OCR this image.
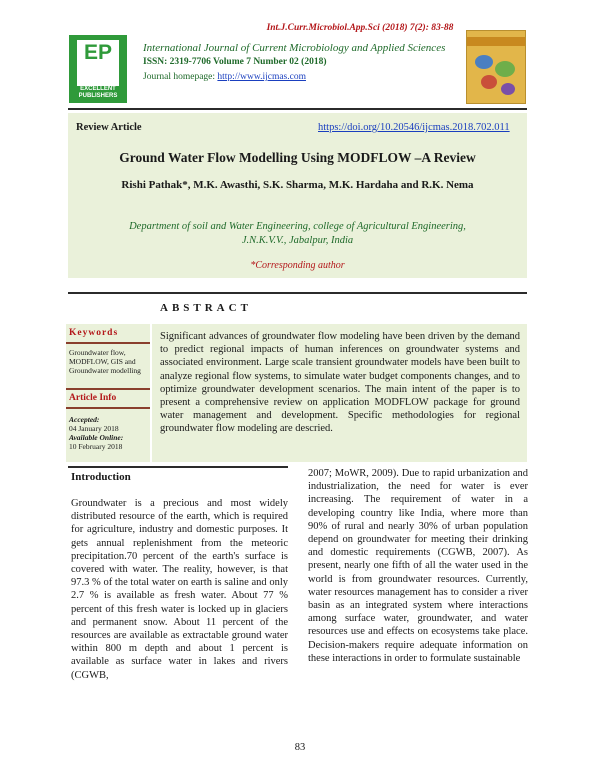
Int.J.Curr.Microbiol.App.Sci (2018) 7(2): 83-88
EP
EXCELLENT PUBLISHERS
International Journal of Current Microbiology and Applied Sciences
ISSN: 2319-7706 Volume 7 Number 02 (2018)
Journal homepage: http://www.ijcmas.com
Review Article	https://doi.org/10.20546/ijcmas.2018.702.011
Ground Water Flow Modelling Using MODFLOW –A Review
Rishi Pathak*, M.K. Awasthi, S.K. Sharma, M.K. Hardaha and R.K. Nema
Department of soil and Water Engineering, college of Agricultural Engineering,
J.N.K.V.V., Jabalpur, India
*Corresponding author
ABSTRACT
Keywords
Groundwater flow, MODFLOW, GIS and Groundwater modelling
Article Info
Accepted:
04 January 2018
Available Online:
10 February 2018
Significant advances of groundwater flow modeling have been driven by the demand to predict regional impacts of human inferences on groundwater systems and associated environment. Large scale transient groundwater models have been built to analyze regional flow systems, to simulate water budget components changes, and to optimize groundwater development scenarios. The main intent of the paper is to present a comprehensive review on application MODFLOW package for ground water management and development. Specific methodologies for regional groundwater flow modeling are descried.
Introduction
Groundwater is a precious and most widely distributed resource of the earth, which is required for agriculture, industry and domestic purposes. It gets annual replenishment from the meteoric precipitation.70 percent of the earth's surface is covered with water. The reality, however, is that 97.3 % of the total water on earth is saline and only 2.7 % is available as fresh water. About 77 % percent of this fresh water is locked up in glaciers and permanent snow. About 11 percent of the resources are available as extractable ground water within 800 m depth and about 1 percent is available as surface water in lakes and rivers (CGWB,
2007; MoWR, 2009). Due to rapid urbanization and industrialization, the need for water is ever increasing. The requirement of water in a developing country like India, where more than 90% of rural and nearly 30% of urban population depend on groundwater for meeting their drinking and domestic requirements (CGWB, 2007). As present, nearly one fifth of all the water used in the world is from groundwater resources. Currently, water resources management has to consider a river basin as an integrated system where interactions among surface water, groundwater, and water resources use and effects on ecosystems take place. Decision-makers require adequate information on these interactions in order to formulate sustainable
83
